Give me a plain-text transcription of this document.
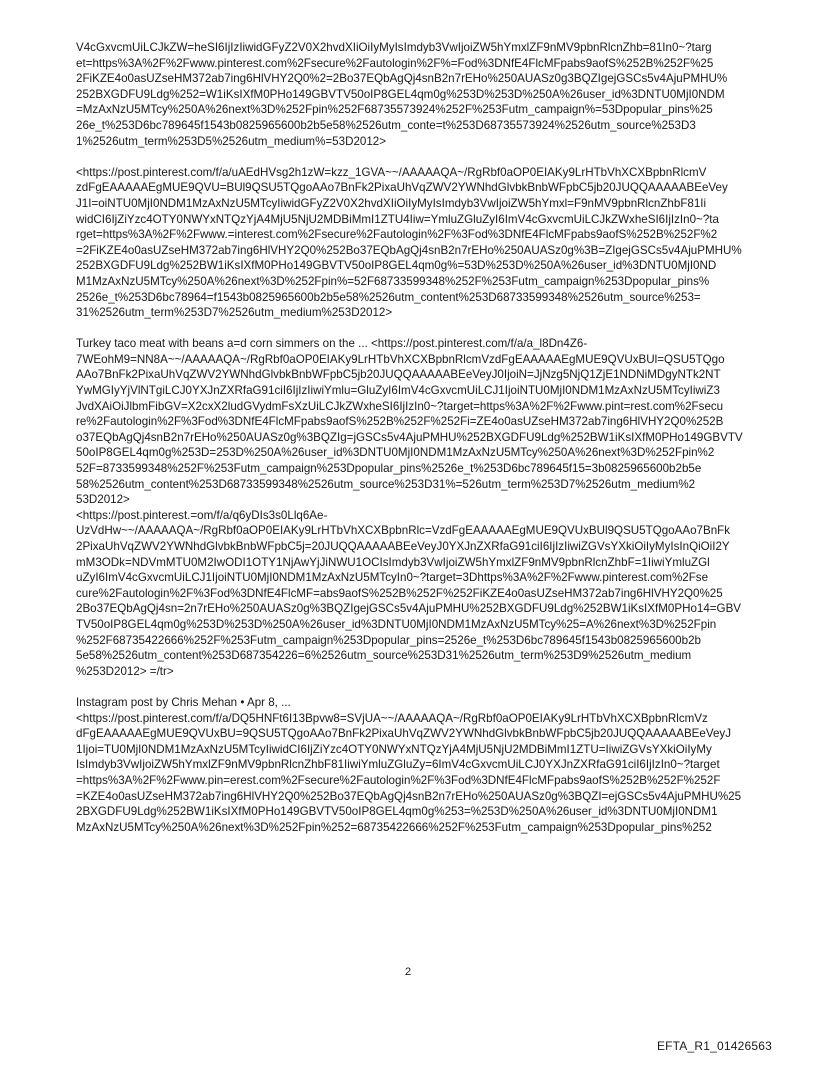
V4cGxvcmUiLCJkZW=heSI6IjIzIiwidGFyZ2V0X2hvdXIiOiIyMyIsImdyb3VwIjoiZW5hYmxlZF9nMV9pbnRlcnZhb=81In0~?targ
et=https%3A%2F%2Fwww.pinterest.com%2Fsecure%2Fautologin%2F%=Fod%3DNfE4FlcMFpabs9aofS%252B%252F%25
2FiKZE4o0asUZseHM372ab7ing6HlVHY2Q0%2=2Bo37EQbAgQj4snB2n7rEHo%250AUASz0g3BQZIgejGSCs5v4AjuPMHU%
252BXGDFU9Ldg%252=W1iKsIXfM0PHo149GBVTV50oIP8GEL4qm0g%253D%253D%250A%26user_id%3DNTU0MjI0NDM
=MzAxNzU5MTcy%250A%26next%3D%252Fpin%252F68735573924%252F%253Futm_campaign%=53Dpopular_pins%25
26e_t%253D6bc789645f1543b0825965600b2b5e58%2526utm_conte=t%253D68735573924%2526utm_source%253D3
1%2526utm_term%253D5%2526utm_medium%=53D2012>
<https://post.pinterest.com/f/a/uAEdHVsg2h1zW=kzz_1GVA~~/AAAAAQA~/RgRbf0aOP0EIAKy9LrHTbVhXCXBpbnRlcmV
zdFgEAAAAAEgMUE9QVU=BUl9QSU5TQgoAAo7BnFk2PixaUhVqZWV2YWNhdGlvbkBnbWFpbC5jb20JUQQAAAAABEeVey
J1I=oiNTU0MjI0NDM1MzAxNzU5MTcyIiwidGFyZ2V0X2hvdXIiOiIyMyIsImdyb3VwIjoiZW5hYmxl=F9nMV9pbnRlcnZhbF81Ii
widCI6IjZiYzc4OTY0NWYxNTQzYjA4MjU5NjU2MDBiMmI1ZTU4Iiw=YmluZGluZyI6ImV4cGxvcmUiLCJkZWxheSI6IjIzIn0~?ta
rget=https%3A%2F%2Fwww.=interest.com%2Fsecure%2Fautologin%2F%3Fod%3DNfE4FlcMFpabs9aofS%252B%252F%2
=2FiKZE4o0asUZseHM372ab7ing6HlVHY2Q0%252Bo37EQbAgQj4snB2n7rEHo%250AUASz0g%3B=ZIgejGSCs5v4AjuPMHU%
252BXGDFU9Ldg%252BW1iKsIXfM0PHo149GBVTV50oIP8GEL4qm0g%=53D%253D%250A%26user_id%3DNTU0MjI0ND
M1MzAxNzU5MTcy%250A%26next%3D%252Fpin%=52F68733599348%252F%253Futm_campaign%253Dpopular_pins%
2526e_t%253D6bc78964=f1543b0825965600b2b5e58%2526utm_content%253D68733599348%2526utm_source%253=
31%2526utm_term%253D7%2526utm_medium%253D2012>
Turkey taco meat with beans a=d corn simmers on the ... <https://post.pinterest.com/f/a/a_l8Dn4Z6-
7WEohM9=NN8A~~/AAAAAQA~/RgRbf0aOP0EIAKy9LrHTbVhXCXBpbnRlcmVzdFgEAAAAAEgMUE9QVUxBUl=QSU5TQgo
AAo7BnFk2PixaUhVqZWV2YWNhdGlvbkBnbWFpbC5jb20JUQQAAAAABEeVeyJ0IjoiN=JjNzg5NjQ1ZjE1NDNiMDgyNTk2NT
YwMGIyYjVlNTgiLCJ0YXJnZXRfaG91ciI6IjIzIiwiYmlu=GluZyI6ImV4cGxvcmUiLCJ1IjoiNTU0MjI0NDM1MzAxNzU5MTcyIiwiZ3
JvdXAiOiJlbmFibGV=X2cxX2ludGVydmFsXzUiLCJkZWxheSI6IjIzIn0~?target=https%3A%2F%2Fwww.pint=rest.com%2Fsecu
re%2Fautologin%2F%3Fod%3DNfE4FlcMFpabs9aofS%252B%252F%252Fi=ZE4o0asUZseHM372ab7ing6HlVHY2Q0%252B
o37EQbAgQj4snB2n7rEHo%250AUASz0g%3BQZIg=jGSCs5v4AjuPMHU%252BXGDFU9Ldg%252BW1iKsIXfM0PHo149GBVTV
50oIP8GEL4qm0g%253D=253D%250A%26user_id%3DNTU0MjI0NDM1MzAxNzU5MTcy%250A%26next%3D%252Fpin%2
52F=8733599348%252F%253Futm_campaign%253Dpopular_pins%2526e_t%253D6bc789645f15=3b0825965600b2b5e
58%2526utm_content%253D68733599348%2526utm_source%253D31%=526utm_term%253D7%2526utm_medium%2
53D2012>
<https://post.pinterest.=om/f/a/q6yDIs3s0Llq6Ae-
UzVdHw~~/AAAAAQA~/RgRbf0aOP0EIAKy9LrHTbVhXCXBpbnRlc=VzdFgEAAAAAEgMUE9QVUxBUl9QSU5TQgoAAo7BnFk
2PixaUhVqZWV2YWNhdGlvbkBnbWFpbC5j=20JUQQAAAAABEeVeyJ0YXJnZXRfaG91ciI6IjIzIiwiZGVsYXkiOiIyMyIsInQiOiI2Y
mM3ODk=NDVmMTU0M2IwODI1OTY1NjAwYjJiNWU1OCIsImdyb3VwIjoiZW5hYmxlZF9nMV9pbnRlcnZhbF=1IiwiYmluZGl
uZyI6ImV4cGxvcmUiLCJ1IjoiNTU0MjI0NDM1MzAxNzU5MTcyIn0~?target=3Dhttps%3A%2F%2Fwww.pinterest.com%2Fse
cure%2Fautologin%2F%3Fod%3DNfE4FlcMF=abs9aofS%252B%252F%252FiKZE4o0asUZseHM372ab7ing6HlVHY2Q0%25
2Bo37EQbAgQj4sn=2n7rEHo%250AUASz0g%3BQZIgejGSCs5v4AjuPMHU%252BXGDFU9Ldg%252BW1iKsIXfM0PHo14=GBV
TV50oIP8GEL4qm0g%253D%253D%250A%26user_id%3DNTU0MjI0NDM1MzAxNzU5MTcy%25=A%26next%3D%252Fpin
%252F68735422666%252F%253Futm_campaign%253Dpopular_pins=2526e_t%253D6bc789645f1543b0825965600b2b
5e58%2526utm_content%253D687354226=6%2526utm_source%253D31%2526utm_term%253D9%2526utm_medium
%253D2012> =/tr>
Instagram post by Chris Mehan • Apr 8, ...
<https://post.pinterest.com/f/a/DQ5HNFt6I13Bpvw8=SVjUA~~/AAAAAQA~/RgRbf0aOP0EIAKy9LrHTbVhXCXBpbnRlcmVz
dFgEAAAAAEgMUE9QVUxBU=9QSU5TQgoAAo7BnFk2PixaUhVqZWV2YWNhdGlvbkBnbWFpbC5jb20JUQQAAAAABEeVeyJ
1Ijoi=TU0MjI0NDM1MzAxNzU5MTcyIiwidCI6IjZiYzc4OTY0NWYxNTQzYjA4MjU5NjU2MDBiMmI1ZTU=IiwiZGVsYXkiOiIyMy
IsImdyb3VwIjoiZW5hYmxlZF9nMV9pbnRlcnZhbF81IiwiYmluZGluZy=6ImV4cGxvcmUiLCJ0YXJnZXRfaG91ciI6IjIzIn0~?target
=https%3A%2F%2Fwww.pin=erest.com%2Fsecure%2Fautologin%2F%3Fod%3DNfE4FlcMFpabs9aofS%252B%252F%252F
=KZE4o0asUZseHM372ab7ing6HlVHY2Q0%252Bo37EQbAgQj4snB2n7rEHo%250AUASz0g%3BQZI=ejGSCs5v4AjuPMHU%25
2BXGDFU9Ldg%252BW1iKsIXfM0PHo149GBVTV50oIP8GEL4qm0g%253=%253D%250A%26user_id%3DNTU0MjI0NDM1
MzAxNzU5MTcy%250A%26next%3D%252Fpin%252=68735422666%252F%253Futm_campaign%253Dpopular_pins%252
2
EFTA_R1_01426563
